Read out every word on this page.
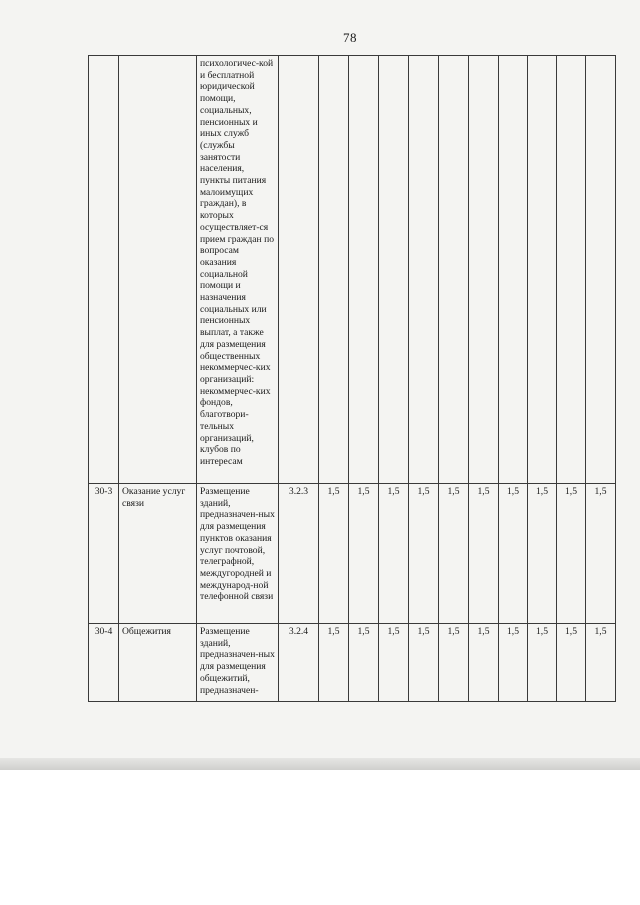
78
		психологичес-кой и бесплатной юридической помощи, социальных, пенсионных и иных служб (службы занятости населения, пункты питания малоимущих граждан), в которых осуществляет-ся прием граждан по вопросам оказания социальной помощи и назначения социальных или пенсионных выплат, а также для размещения общественных некоммерчес-ких организаций: некоммерчес-ких фондов, благотвори-тельных организаций, клубов по интересам											
30-3	Оказание услуг связи	Размещение зданий, предназначен-ных для размещения пунктов оказания услуг почтовой, телеграфной, междугородней и международ-ной телефонной связи	3.2.3	1,5	1,5	1,5	1,5	1,5	1,5	1,5	1,5	1,5	1,5
30-4	Общежития	Размещение зданий, предназначен-ных для размещения общежитий, предназначен-	3.2.4	1,5	1,5	1,5	1,5	1,5	1,5	1,5	1,5	1,5	1,5
